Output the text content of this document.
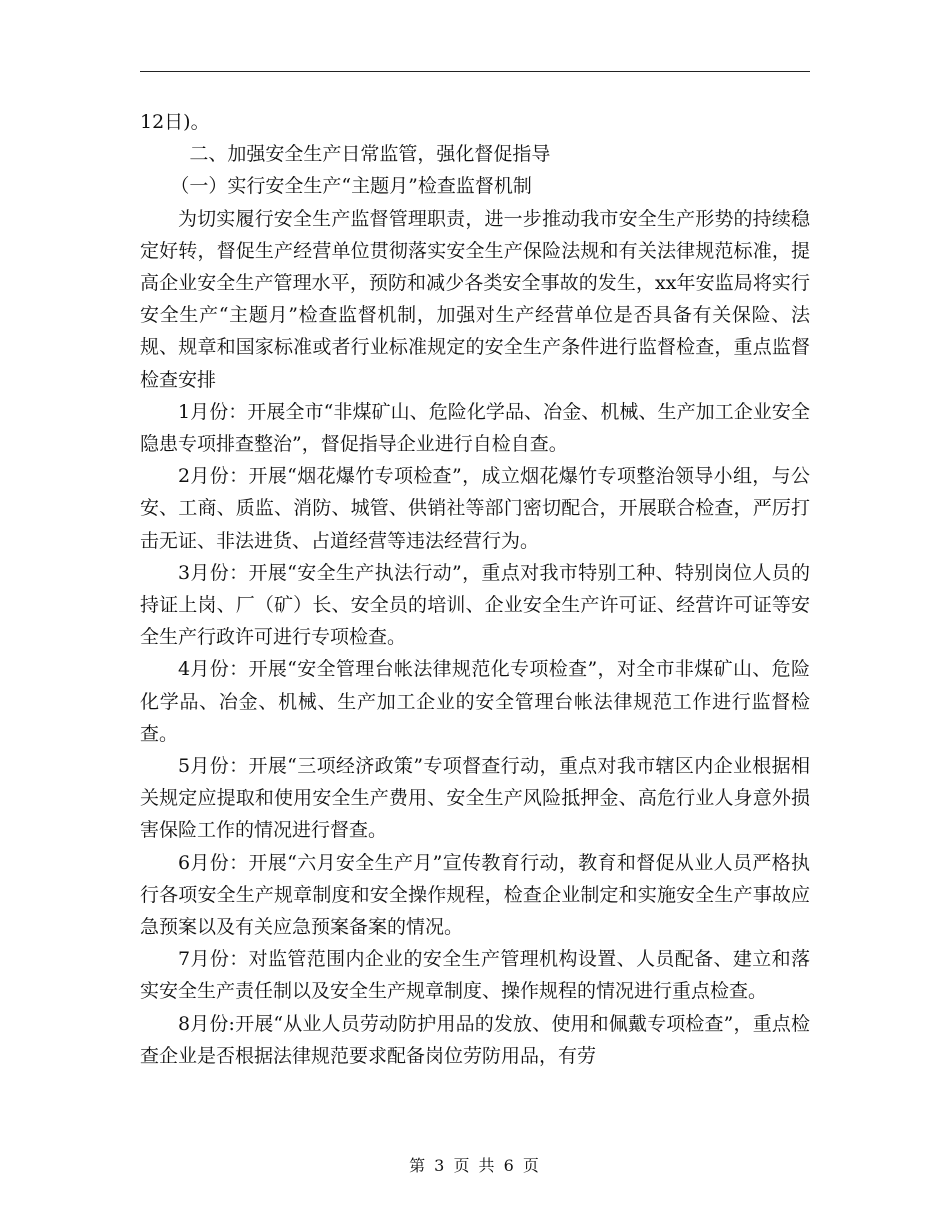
12日)。

二、加强安全生产日常监管，强化督促指导

（一）实行安全生产“主题月”检查监督机制

为切实履行安全生产监督管理职责，进一步推动我市安全生产形势的持续稳定好转，督促生产经营单位贯彻落实安全生产保险法规和有关法律规范标准，提高企业安全生产管理水平，预防和减少各类安全事故的发生，xx年安监局将实行安全生产“主题月”检查监督机制，加强对生产经营单位是否具备有关保险、法规、规章和国家标准或者行业标准规定的安全生产条件进行监督检查，重点监督检查安排

1月份：开展全市“非煤矿山、危险化学品、冶金、机械、生产加工企业安全隐患专项排查整治”，督促指导企业进行自检自查。

2月份：开展“烟花爆竹专项检查”，成立烟花爆竹专项整治领导小组，与公安、工商、质监、消防、城管、供销社等部门密切配合，开展联合检查，严厉打击无证、非法进货、占道经营等违法经营行为。

3月份：开展“安全生产执法行动”，重点对我市特别工种、特别岗位人员的持证上岗、厂（矿）长、安全员的培训、企业安全生产许可证、经营许可证等安全生产行政许可进行专项检查。

4月份：开展“安全管理台帐法律规范化专项检查”，对全市非煤矿山、危险化学品、冶金、机械、生产加工企业的安全管理台帐法律规范工作进行监督检查。

5月份：开展“三项经济政策”专项督查行动，重点对我市辖区内企业根据相关规定应提取和使用安全生产费用、安全生产风险抵押金、高危行业人身意外损害保险工作的情况进行督查。

6月份：开展“六月安全生产月”宣传教育行动，教育和督促从业人员严格执行各项安全生产规章制度和安全操作规程，检查企业制定和实施安全生产事故应急预案以及有关应急预案备案的情况。

7月份：对监管范围内企业的安全生产管理机构设置、人员配备、建立和落实安全生产责任制以及安全生产规章制度、操作规程的情况进行重点检查。

8月份:开展“从业人员劳动防护用品的发放、使用和佩戴专项检查”，重点检查企业是否根据法律规范要求配备岗位劳防用品，有劳

第 3 页 共 6 页
